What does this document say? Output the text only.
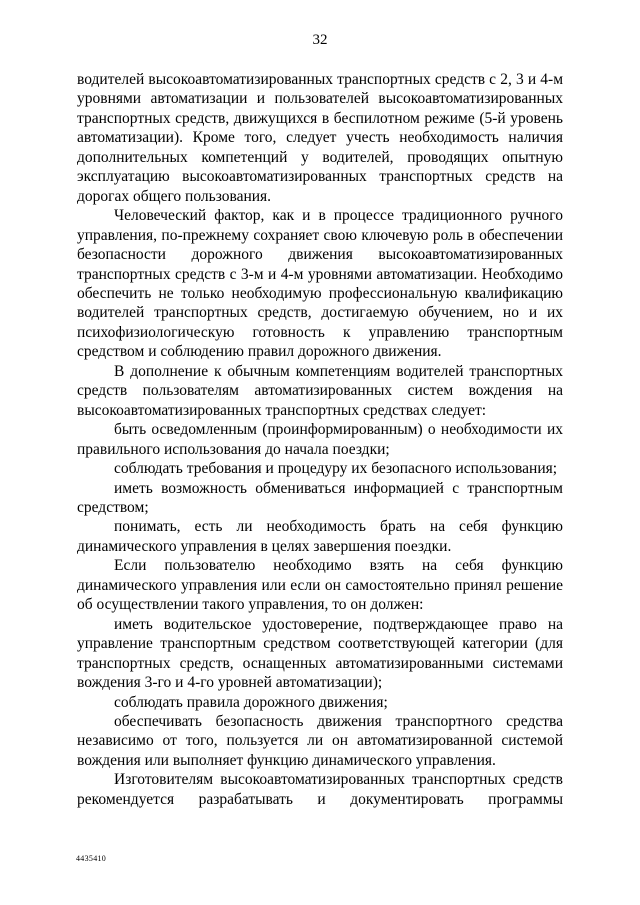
32

водителей высокоавтоматизированных транспортных средств с 2, 3 и 4-м уровнями автоматизации и пользователей высокоавтоматизированных транспортных средств, движущихся в беспилотном режиме (5-й уровень автоматизации). Кроме того, следует учесть необходимость наличия дополнительных компетенций у водителей, проводящих опытную эксплуатацию высокоавтоматизированных транспортных средств на дорогах общего пользования.

Человеческий фактор, как и в процессе традиционного ручного управления, по-прежнему сохраняет свою ключевую роль в обеспечении безопасности дорожного движения высокоавтоматизированных транспортных средств с 3-м и 4-м уровнями автоматизации. Необходимо обеспечить не только необходимую профессиональную квалификацию водителей транспортных средств, достигаемую обучением, но и их психофизиологическую готовность к управлению транспортным средством и соблюдению правил дорожного движения.

В дополнение к обычным компетенциям водителей транспортных средств пользователям автоматизированных систем вождения на высокоавтоматизированных транспортных средствах следует:

быть осведомленным (проинформированным) о необходимости их правильного использования до начала поездки;

соблюдать требования и процедуру их безопасного использования;

иметь возможность обмениваться информацией с транспортным средством;

понимать, есть ли необходимость брать на себя функцию динамического управления в целях завершения поездки.

Если пользователю необходимо взять на себя функцию динамического управления или если он самостоятельно принял решение об осуществлении такого управления, то он должен:

иметь водительское удостоверение, подтверждающее право на управление транспортным средством соответствующей категории (для транспортных средств, оснащенных автоматизированными системами вождения 3-го и 4-го уровней автоматизации);

соблюдать правила дорожного движения;

обеспечивать безопасность движения транспортного средства независимо от того, пользуется ли он автоматизированной системой вождения или выполняет функцию динамического управления.

Изготовителям высокоавтоматизированных транспортных средств рекомендуется разрабатывать и документировать программы

4435410
